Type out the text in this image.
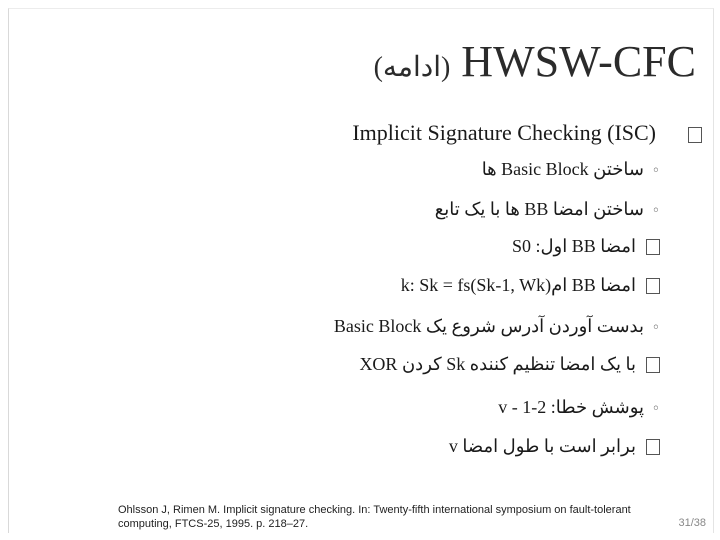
(ادامه) HWSW-CFC
Implicit Signature Checking (ISC)
◦
ساختن Basic Block ها
◦
ساختن امضا BB ها با یک تابع
امضا BB اول: S0
امضا BB امk: Sk = fs(Sk-1, Wk)
◦
بدست آوردن آدرس شروع یک Basic Block
XOR کردن Sk با یک امضا تنظیم کننده
◦
پوشش خطا: 2-v - 1
v برابر است با طول امضا
Ohlsson J, Rimen M. Implicit signature checking. In: Twenty-fifth international symposium on fault-tolerant computing, FTCS-25, 1995. p. 218–27.	31/38
